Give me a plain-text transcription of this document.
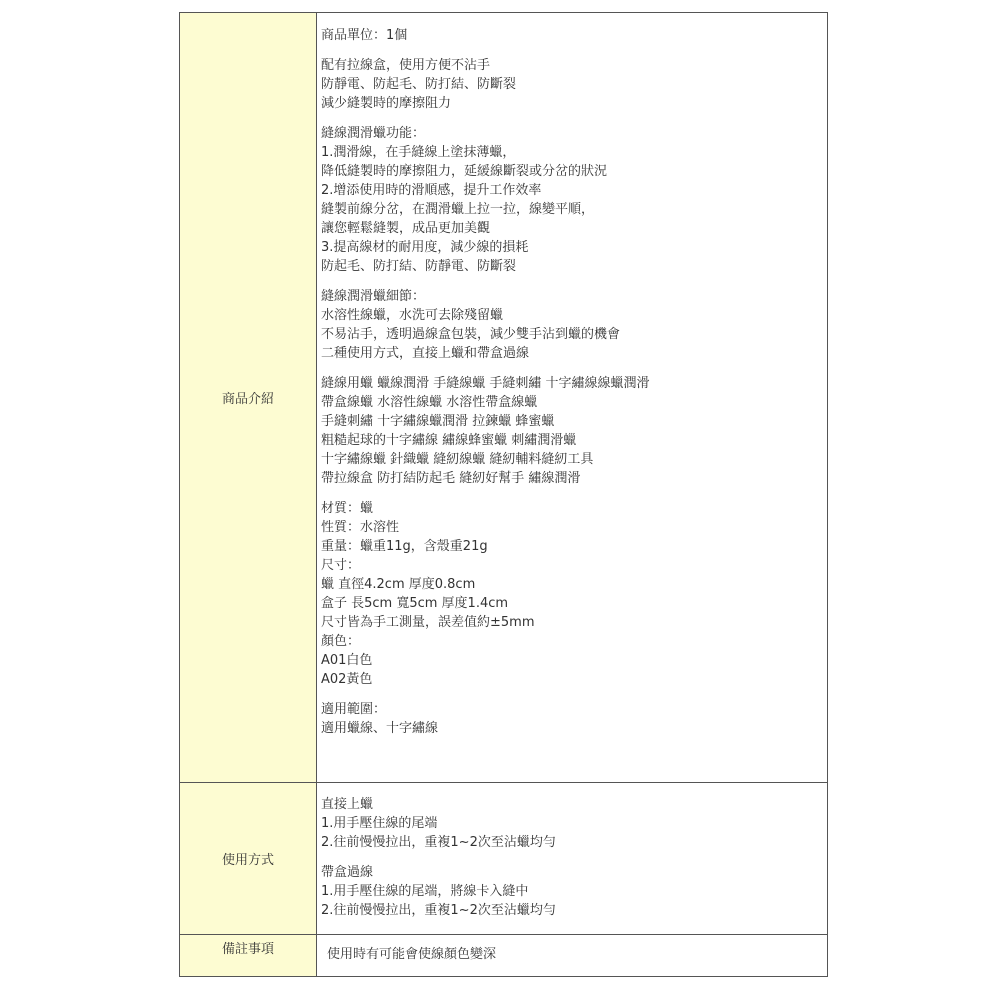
商品介紹
商品單位：1個
配有拉線盒，使用方便不沾手
防靜電、防起毛、防打結、防斷裂
減少縫製時的摩擦阻力
縫線潤滑蠟功能：
1.潤滑線，在手縫線上塗抹薄蠟，
降低縫製時的摩擦阻力，延緩線斷裂或分岔的狀況
2.增添使用時的滑順感，提升工作效率
縫製前線分岔，在潤滑蠟上拉一拉，線變平順，
讓您輕鬆縫製，成品更加美觀
3.提高線材的耐用度，減少線的損耗
防起毛、防打結、防靜電、防斷裂
縫線潤滑蠟細節：
水溶性線蠟，水洗可去除殘留蠟
不易沾手，透明過線盒包裝，減少雙手沾到蠟的機會
二種使用方式，直接上蠟和帶盒過線
縫線用蠟 蠟線潤滑 手縫線蠟 手縫刺繡 十字繡線線蠟潤滑
帶盒線蠟 水溶性線蠟 水溶性帶盒線蠟
手縫刺繡 十字繡線蠟潤滑 拉鍊蠟 蜂蜜蠟
粗糙起球的十字繡線 繡線蜂蜜蠟 刺繡潤滑蠟
十字繡線蠟 針織蠟 縫紉線蠟 縫紉輔料縫紉工具
帶拉線盒 防打結防起毛 縫紉好幫手 繡線潤滑
材質：蠟
性質：水溶性
重量：蠟重11g，含殼重21g
尺寸：
蠟 直徑4.2cm 厚度0.8cm
盒子 長5cm 寬5cm 厚度1.4cm
尺寸皆為手工測量，誤差值約±5mm
顏色：
A01白色
A02黃色
適用範圍：
適用蠟線、十字繡線
使用方式
直接上蠟
1.用手壓住線的尾端
2.往前慢慢拉出，重複1~2次至沾蠟均勻
帶盒過線
1.用手壓住線的尾端，將線卡入縫中
2.往前慢慢拉出，重複1~2次至沾蠟均勻
備註事項	使用時有可能會使線顏色變深
